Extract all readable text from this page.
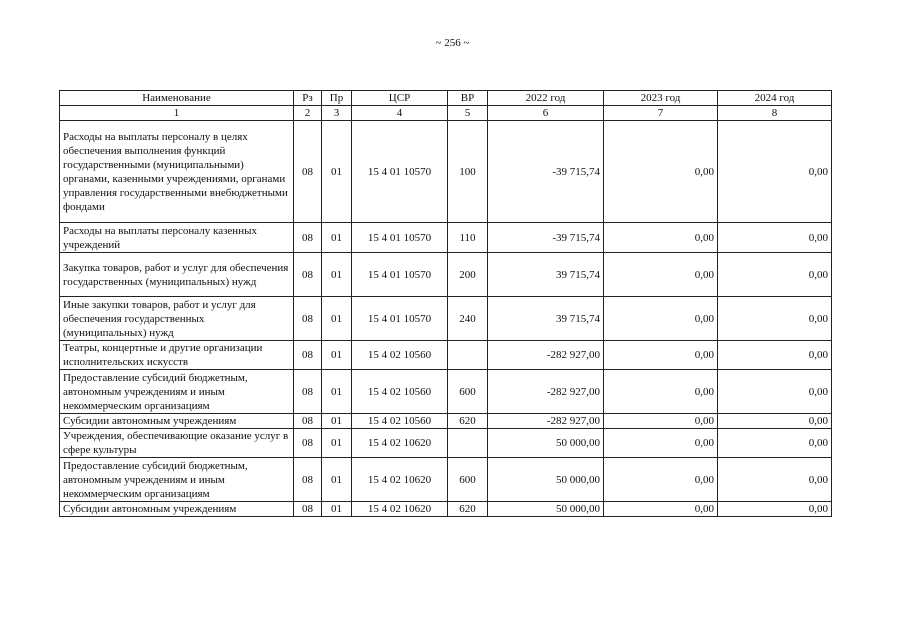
~ 256 ~
Наименование	Рз	Пр	ЦСР	ВР	2022 год	2023 год	2024 год
1	2	3	4	5	6	7	8
Расходы на выплаты персоналу в целях обеспечения выполнения функций государственными (муниципальными) органами, казенными учреждениями, органами управления государственными внебюджетными фондами	08	01	15 4 01 10570	100	-39 715,74	0,00	0,00
Расходы на выплаты персоналу казенных учреждений	08	01	15 4 01 10570	110	-39 715,74	0,00	0,00
Закупка товаров, работ и услуг для обеспечения государственных (муниципальных) нужд	08	01	15 4 01 10570	200	39 715,74	0,00	0,00
Иные закупки товаров, работ и услуг для обеспечения государственных (муниципальных) нужд	08	01	15 4 01 10570	240	39 715,74	0,00	0,00
Театры, концертные и другие организации исполнительских искусств	08	01	15 4 02 10560		-282 927,00	0,00	0,00
Предоставление субсидий бюджетным, автономным учреждениям и иным некоммерческим организациям	08	01	15 4 02 10560	600	-282 927,00	0,00	0,00
Субсидии автономным учреждениям	08	01	15 4 02 10560	620	-282 927,00	0,00	0,00
Учреждения, обеспечивающие оказание услуг в сфере культуры	08	01	15 4 02 10620		50 000,00	0,00	0,00
Предоставление субсидий бюджетным, автономным учреждениям и иным некоммерческим организациям	08	01	15 4 02 10620	600	50 000,00	0,00	0,00
Субсидии автономным учреждениям	08	01	15 4 02 10620	620	50 000,00	0,00	0,00
